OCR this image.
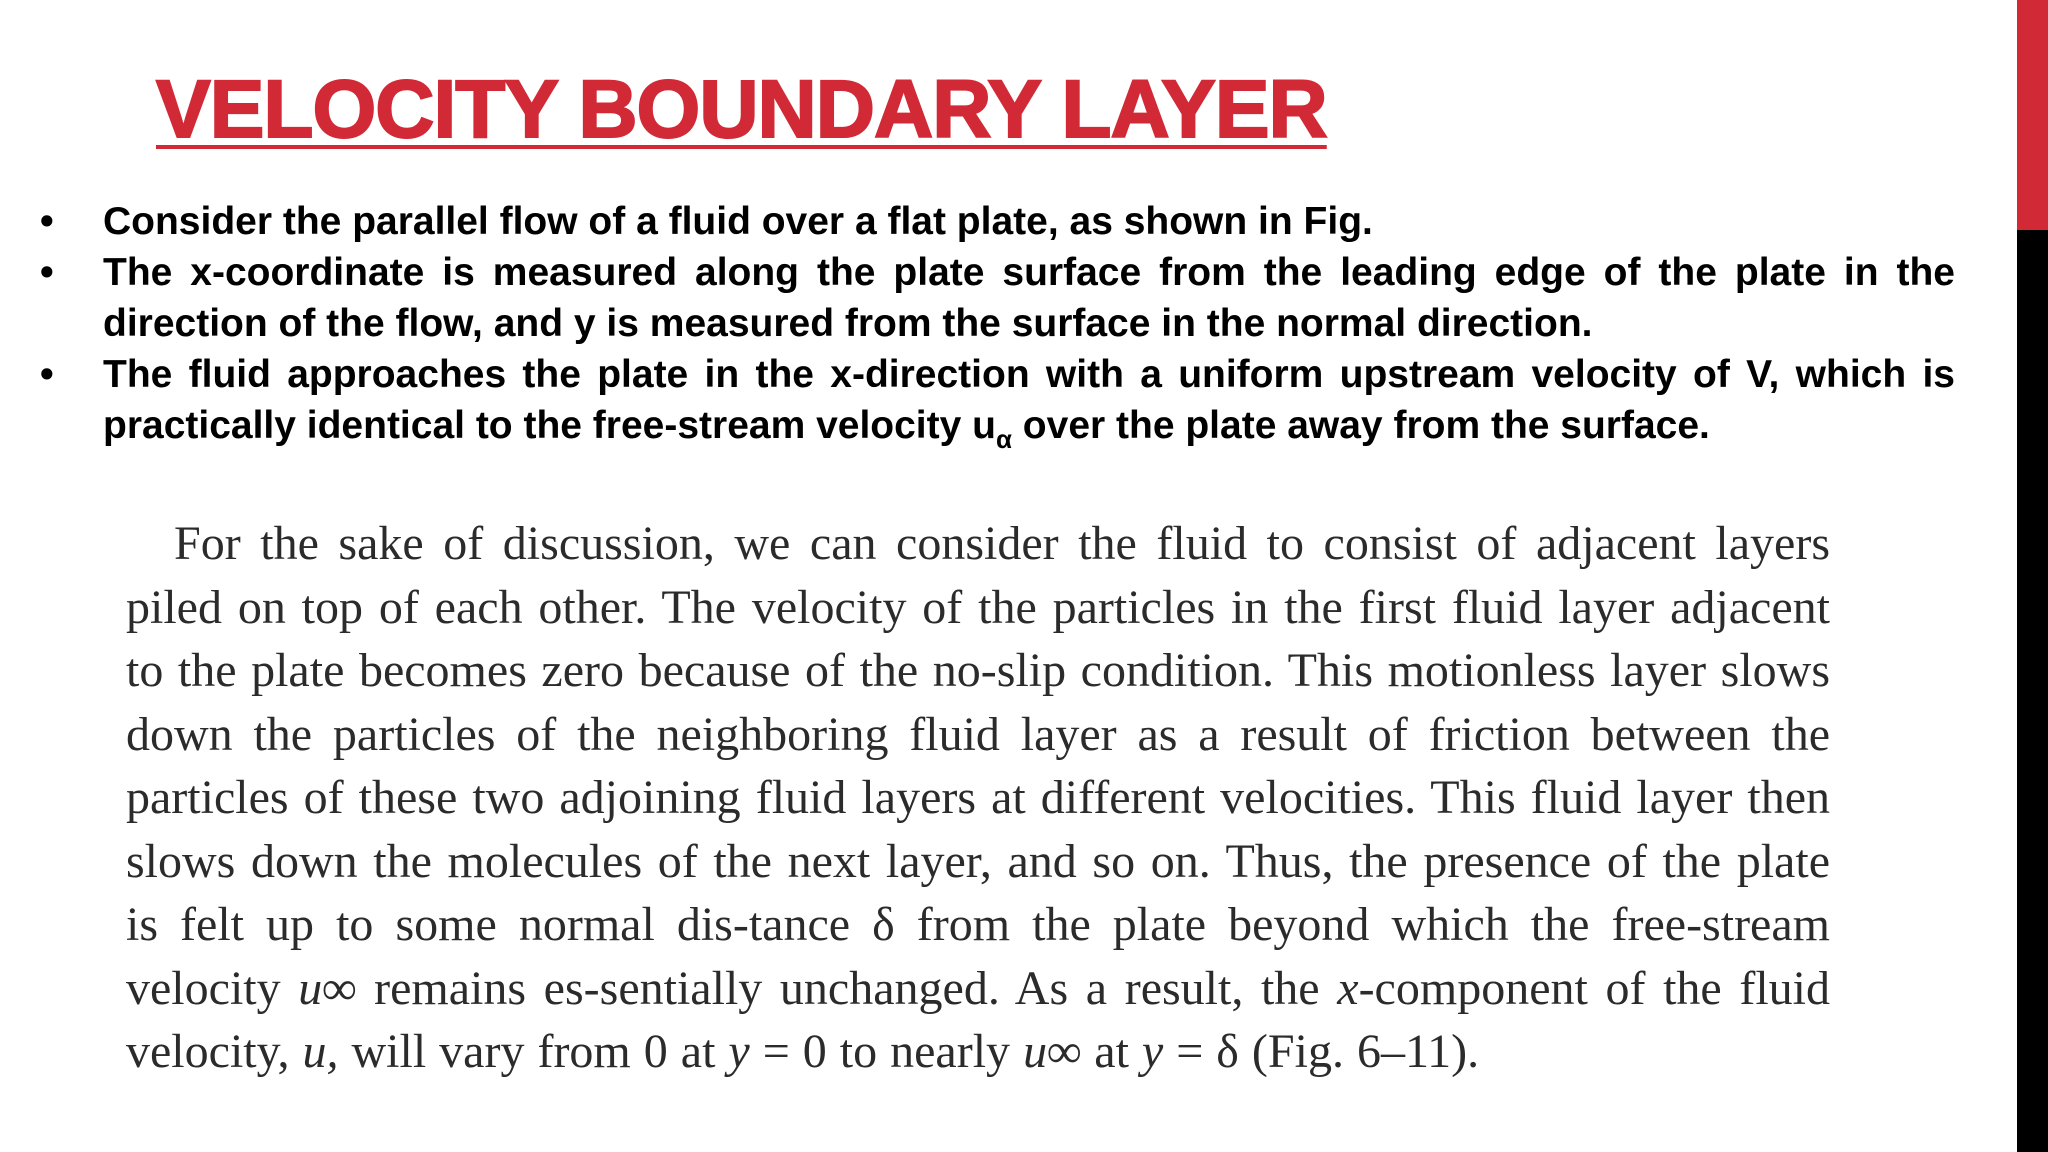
VELOCITY BOUNDARY LAYER
•	Consider the parallel flow of a fluid over a flat plate, as shown in Fig.
•	The x-coordinate is measured along the plate surface from the leading edge of the plate in the direction of the flow, and y is measured from the surface in the normal direction.
•	The fluid approaches the plate in the x-direction with a uniform upstream velocity of V, which is practically identical to the free-stream velocity $u_\alpha$ over the plate away from the surface.

For the sake of discussion, we can consider the fluid to consist of adjacent layers piled on top of each other. The velocity of the particles in the first fluid layer adjacent to the plate becomes zero because of the no-slip condition. This motionless layer slows down the particles of the neighboring fluid layer as a result of friction between the particles of these two adjoining fluid layers at different velocities. This fluid layer then slows down the molecules of the next layer, and so on. Thus, the presence of the plate is felt up to some normal dis-tance δ from the plate beyond which the free-stream velocity u∞ remains es-sentially unchanged. As a result, the x-component of the fluid velocity, u, will vary from 0 at y = 0 to nearly u∞ at y = δ (Fig. 6–11).
